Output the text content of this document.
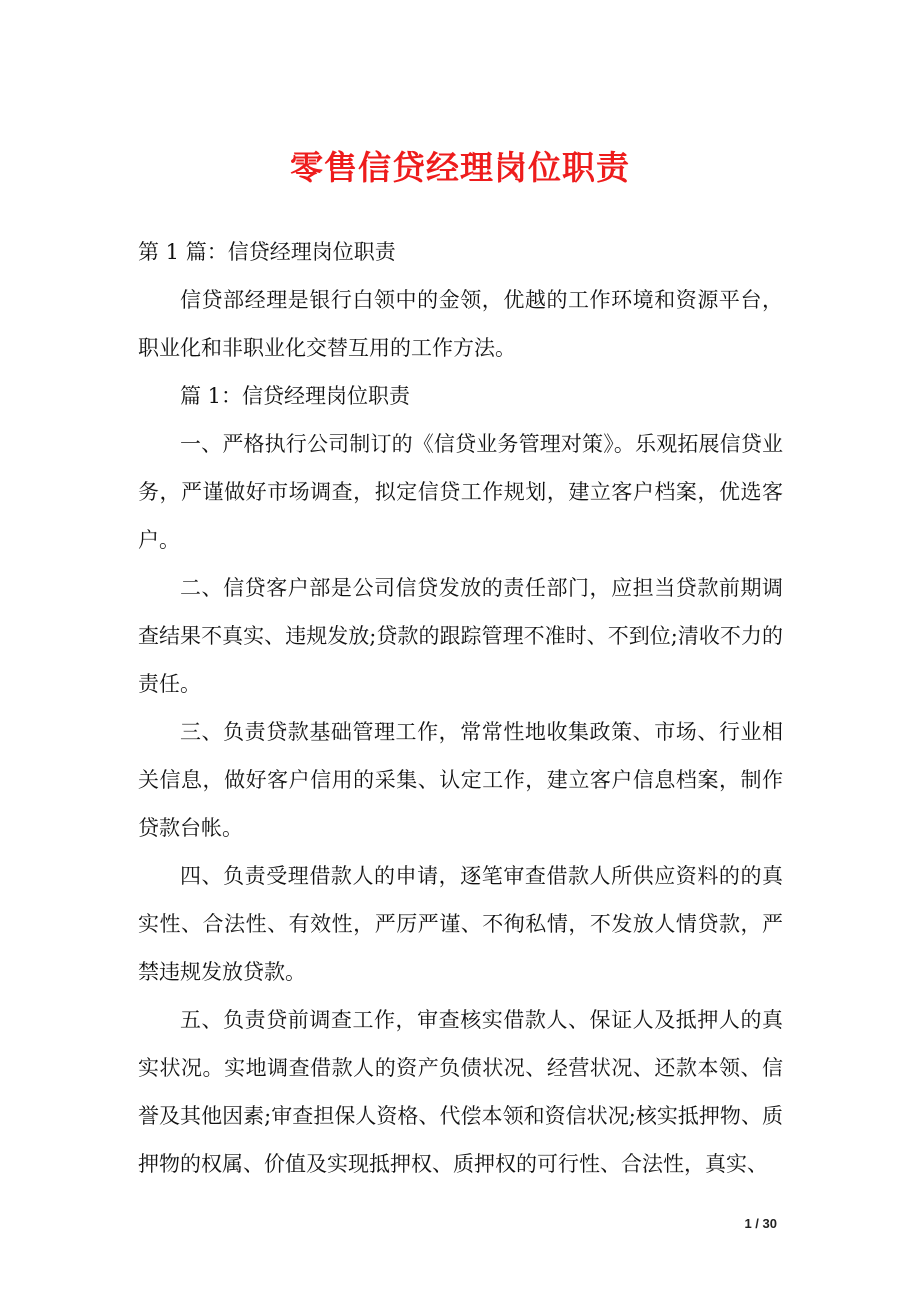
零售信贷经理岗位职责

第 1 篇：信贷经理岗位职责

信贷部经理是银行白领中的金领，优越的工作环境和资源平台，职业化和非职业化交替互用的工作方法。

篇 1：信贷经理岗位职责

一、严格执行公司制订的《信贷业务管理对策》。乐观拓展信贷业务，严谨做好市场调查，拟定信贷工作规划，建立客户档案，优选客户。

二、信贷客户部是公司信贷发放的责任部门，应担当贷款前期调查结果不真实、违规发放;贷款的跟踪管理不准时、不到位;清收不力的责任。

三、负责贷款基础管理工作，常常性地收集政策、市场、行业相关信息，做好客户信用的采集、认定工作，建立客户信息档案，制作贷款台帐。

四、负责受理借款人的申请，逐笔审查借款人所供应资料的的真实性、合法性、有效性，严厉严谨、不徇私情，不发放人情贷款，严禁违规发放贷款。

五、负责贷前调查工作，审查核实借款人、保证人及抵押人的真实状况。实地调查借款人的资产负债状况、经营状况、还款本领、信誉及其他因素;审查担保人资格、代偿本领和资信状况;核实抵押物、质押物的权属、价值及实现抵押权、质押权的可行性、合法性，真实、

1 / 30
